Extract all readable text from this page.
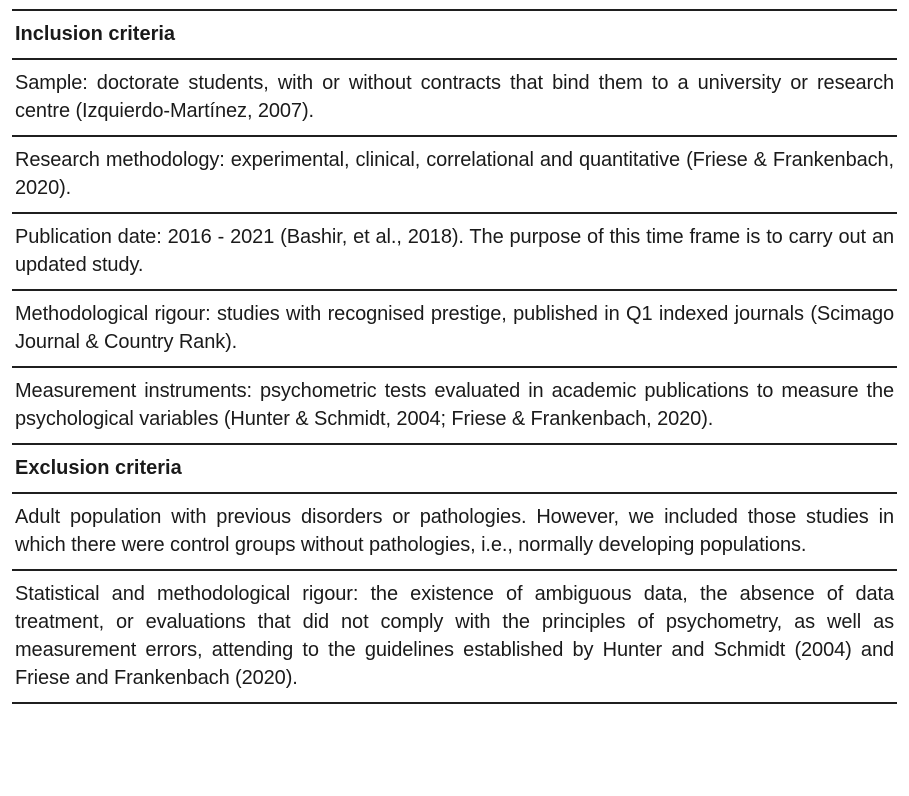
Inclusion criteria

Sample: doctorate students, with or without contracts that bind them to a university or research centre (Izquierdo-Martínez, 2007).

Research methodology: experimental, clinical, correlational and quantitative (Friese & Frankenbach, 2020).

Publication date: 2016 - 2021 (Bashir, et al., 2018). The purpose of this time frame is to carry out an updated study.

Methodological rigour: studies with recognised prestige, published in Q1 indexed journals (Scimago Journal & Country Rank).

Measurement instruments: psychometric tests evaluated in academic publications to measure the psychological variables (Hunter & Schmidt, 2004; Friese & Frankenbach, 2020).

Exclusion criteria

Adult population with previous disorders or pathologies. However, we included those studies in which there were control groups without pathologies, i.e., normally developing populations.

Statistical and methodological rigour: the existence of ambiguous data, the absence of data treatment, or evaluations that did not comply with the principles of psychometry, as well as measurement errors, attending to the guidelines established by Hunter and Schmidt (2004) and Friese and Frankenbach (2020).
